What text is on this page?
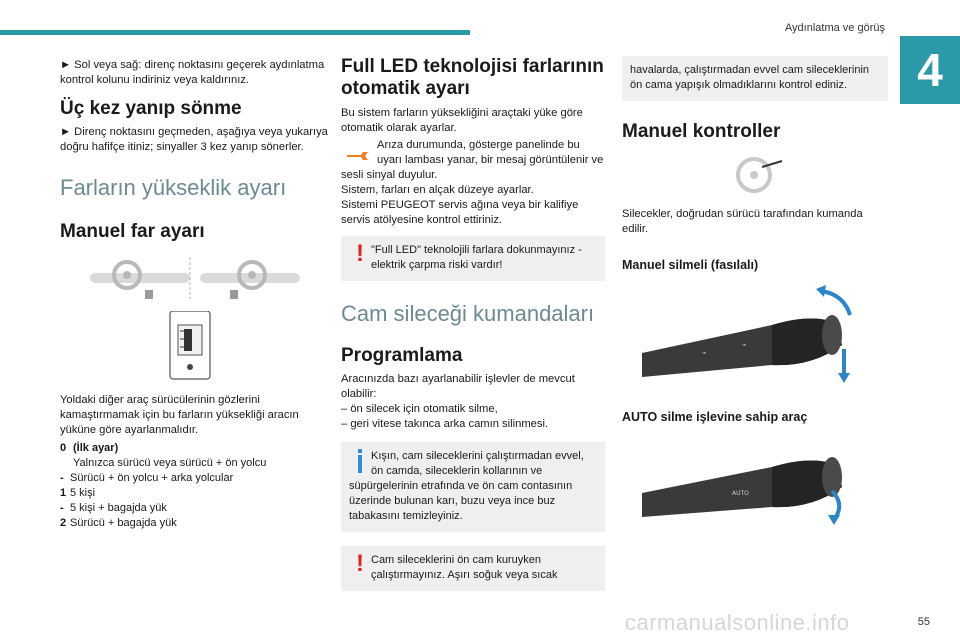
Aydınlatma ve görüş
4

► Sol veya sağ: direnç noktasını geçerek aydınlatma kontrol kolunu indiriniz veya kaldırınız.

Üç kez yanıp sönme

► Direnç noktasını geçmeden, aşağıya veya yukarıya doğru hafifçe itiniz; sinyaller 3 kez yanıp sönerler.

Farların yükseklik ayarı
Manuel far ayarı

Yoldaki diğer araç sürücülerinin gözlerini kamaştırmamak için bu farların yüksekliği aracın yüküne göre ayarlanmalıdır.

0 (İlk ayar)
Yalnızca sürücü veya sürücü + ön yolcu
- Sürücü + ön yolcu + arka yolcular
1 5 kişi
- 5 kişi + bagajda yük
2 Sürücü + bagajda yük
Full LED teknolojisi farlarının otomatik ayarı

Bu sistem farların yüksekliğini araçtaki yüke göre otomatik olarak ayarlar.

Arıza durumunda, gösterge panelinde bu uyarı lambası yanar, bir mesaj görüntülenir ve sesli sinyal duyulur.

Sistem, farları en alçak düzeye ayarlar.

Sistemi PEUGEOT servis ağına veya bir kalifiye servis atölyesine kontrol ettiriniz.

! "Full LED" teknolojili farlara dokunmayınız - elektrik çarpma riski vardır!
Cam sileceği kumandaları
Programlama

Aracınızda bazı ayarlanabilir işlevler de mevcut olabilir:

– ön silecek için otomatik silme,

– geri vitese takınca arka camın silinmesi.

Kışın, cam sileceklerini çalıştırmadan evvel, ön camda, sileceklerin kollarının ve süpürgelerinin etrafında ve ön cam contasının üzerinde bulunan karı, buzu veya ince buz tabakasını temizleyiniz.
! Cam sileceklerini ön cam kuruyken çalıştırmayınız. Aşırı soğuk veya sıcak
havalarda, çalıştırmadan evvel cam sileceklerinin ön cama yapışık olmadıklarını kontrol ediniz.
Manuel kontroller

Silecekler, doğrudan sürücü tarafından kumanda edilir.

Manuel silmeli (fasılalı)
⌁
⌁
AUTO silme işlevine sahip araç
AUTO
55
carmanualsonline.info
